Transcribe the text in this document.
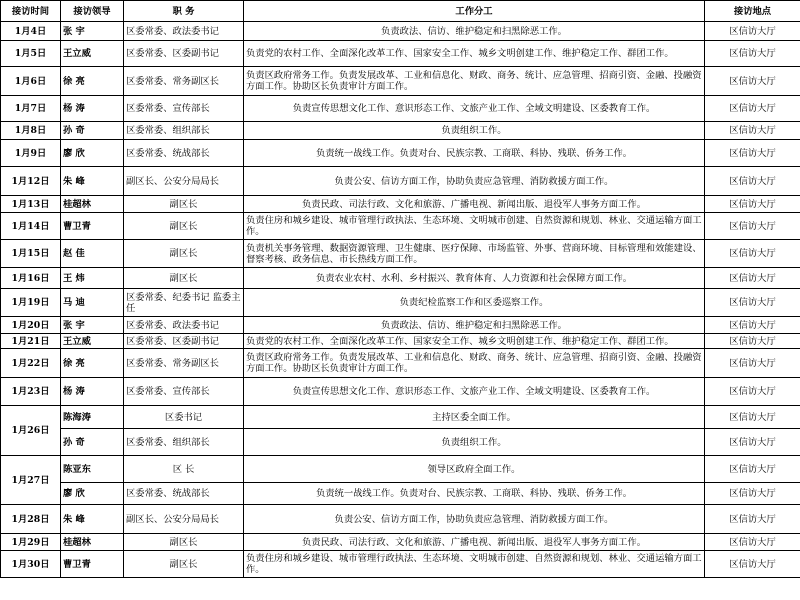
接访时间	接访领导	职 务	工作分工	接访地点
1月4日	张 宇	区委常委、政法委书记	负责政法、信访、维护稳定和扫黑除恶工作。	区信访大厅
1月5日	王立威	区委常委、区委副书记	负责党的农村工作、全面深化改革工作、国家安全工作、城乡文明创建工作、维护稳定工作、群团工作。	区信访大厅
1月6日	徐 亮	区委常委、常务副区长	负责区政府常务工作。负责发展改革、工业和信息化、财政、商务、统计、应急管理、招商引资、金融、投融资方面工作。协助区长负责审计方面工作。	区信访大厅
1月7日	杨 涛	区委常委、宣传部长	负责宣传思想文化工作、意识形态工作、文旅产业工作、全域文明建设、区委教育工作。	区信访大厅
1月8日	孙 奇	区委常委、组织部长	负责组织工作。	区信访大厅
1月9日	廖 欣	区委常委、统战部长	负责统一战线工作。负责对台、民族宗教、工商联、科协、残联、侨务工作。	区信访大厅
1月12日	朱 峰	副区长、公安分局局长	负责公安、信访方面工作，协助负责应急管理、消防救援方面工作。	区信访大厅
1月13日	桂超林	副区长	负责民政、司法行政、文化和旅游、广播电视、新闻出版、退役军人事务方面工作。	区信访大厅
1月14日	曹卫青	副区长	负责住房和城乡建设、城市管理行政执法、生态环境、文明城市创建、自然资源和规划、林业、交通运输方面工作。	区信访大厅
1月15日	赵 佳	副区长	负责机关事务管理、数据资源管理、卫生健康、医疗保障、市场监管、外事、营商环境、目标管理和效能建设、督察考核、政务信息、市长热线方面工作。	区信访大厅
1月16日	王 炜	副区长	负责农业农村、水利、乡村振兴、教育体育、人力资源和社会保障方面工作。	区信访大厅
1月19日	马 迪	区委常委、纪委书记 监委主任	负责纪检监察工作和区委巡察工作。	区信访大厅
1月20日	张 宇	区委常委、政法委书记	负责政法、信访、维护稳定和扫黑除恶工作。	区信访大厅
1月21日	王立威	区委常委、区委副书记	负责党的农村工作、全面深化改革工作、国家安全工作、城乡文明创建工作、维护稳定工作、群团工作。	区信访大厅
1月22日	徐 亮	区委常委、常务副区长	负责区政府常务工作。负责发展改革、工业和信息化、财政、商务、统计、应急管理、招商引资、金融、投融资方面工作。协助区长负责审计方面工作。	区信访大厅
1月23日	杨 涛	区委常委、宣传部长	负责宣传思想文化工作、意识形态工作、文旅产业工作、全域文明建设、区委教育工作。	区信访大厅
1月26日	陈海涛	区委书记	主持区委全面工作。	区信访大厅
	孙 奇	区委常委、组织部长	负责组织工作。	区信访大厅
1月27日	陈亚东	区 长	领导区政府全面工作。	区信访大厅
	廖 欣	区委常委、统战部长	负责统一战线工作。负责对台、民族宗教、工商联、科协、残联、侨务工作。	区信访大厅
1月28日	朱 峰	副区长、公安分局局长	负责公安、信访方面工作，协助负责应急管理、消防救援方面工作。	区信访大厅
1月29日	桂超林	副区长	负责民政、司法行政、文化和旅游、广播电视、新闻出版、退役军人事务方面工作。	区信访大厅
1月30日	曹卫青	副区长	负责住房和城乡建设、城市管理行政执法、生态环境、文明城市创建、自然资源和规划、林业、交通运输方面工作。	区信访大厅
